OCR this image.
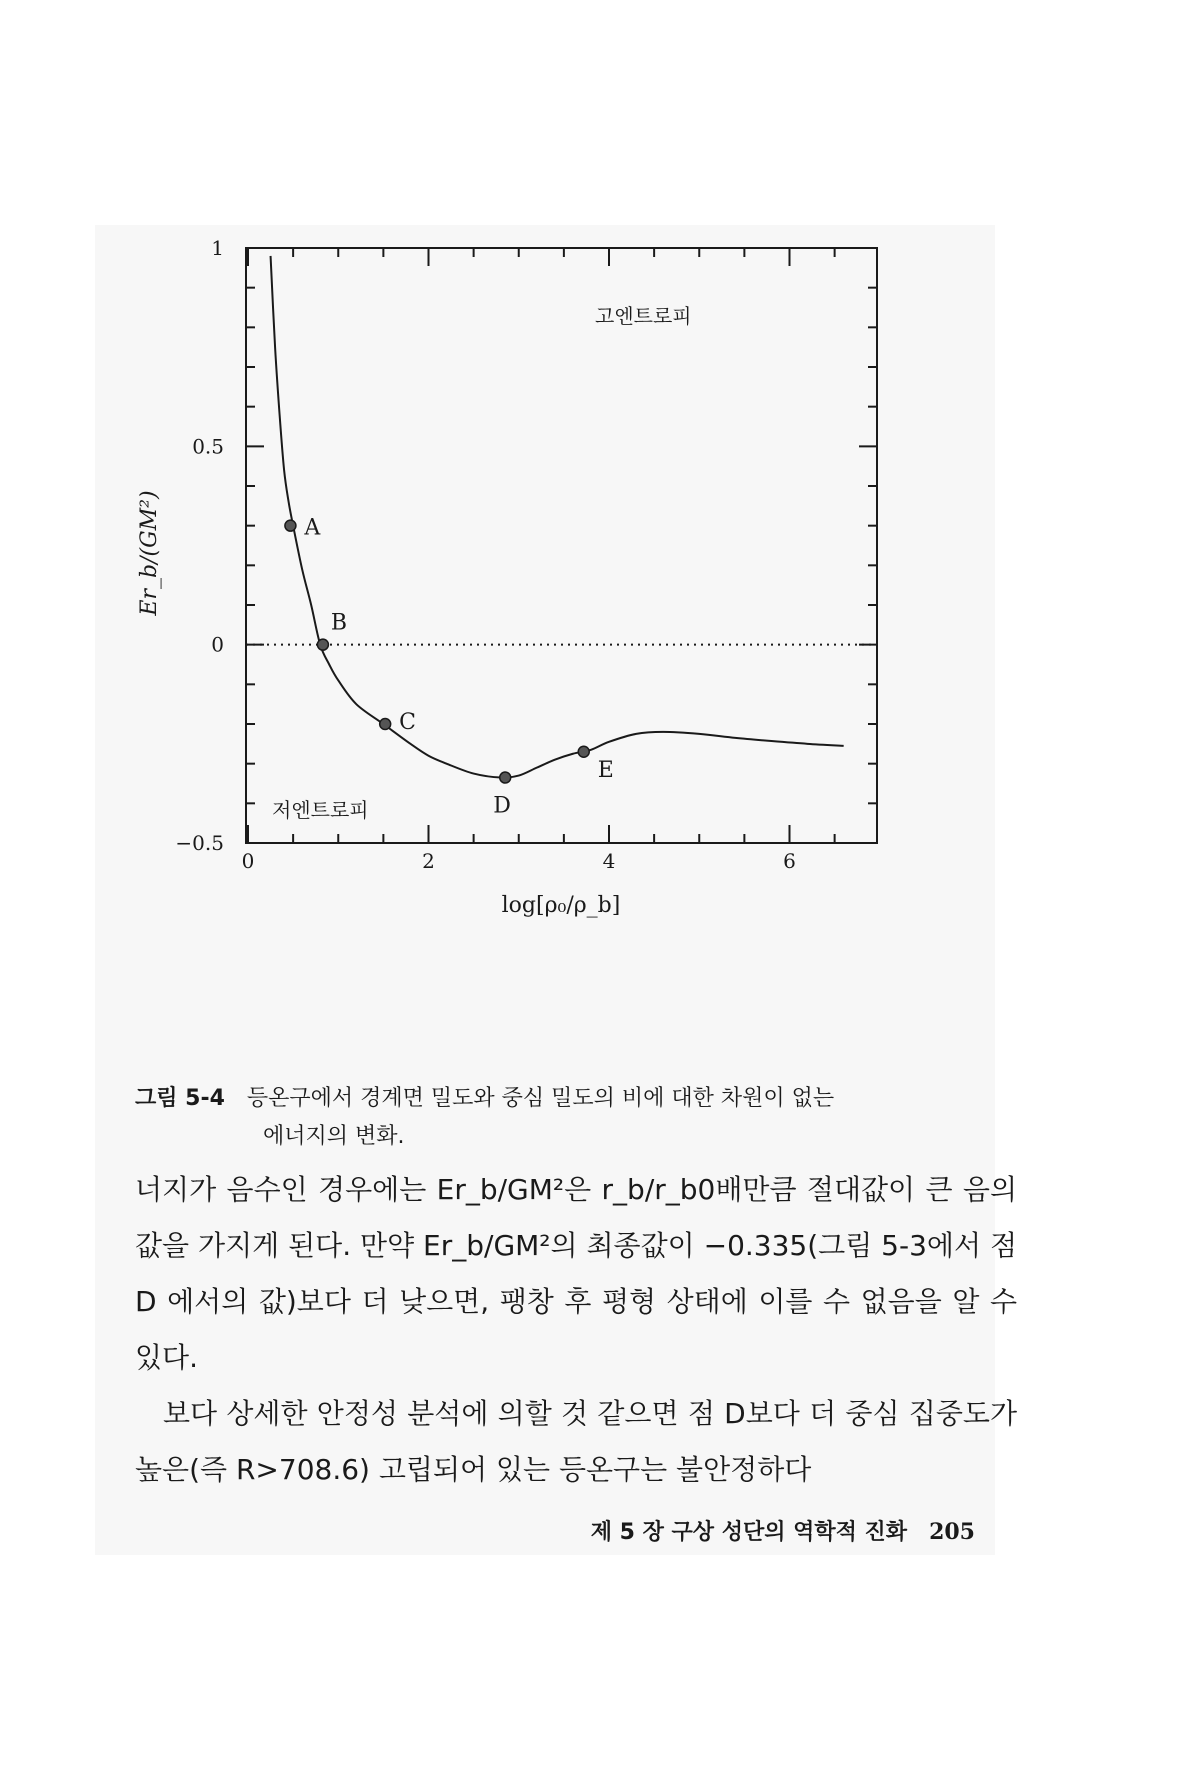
A
B
C
D
E
0	2	4	6
1
0.5
0
−0.5
고엔트로피
저엔트로피
log[ρ₀/ρ_b]
Er_b/(GM²)
그림 5-4 등온구에서 경계면 밀도와 중심 밀도의 비에 대한 차원이 없는
에너지의 변화.

너지가 음수인 경우에는 Er_b/GM²은 r_b/r_b0배만큼 절대값이 큰 음의 값을 가지게 된다. 만약 Er_b/GM²의 최종값이 −0.335(그림 5-3에서 점 D 에서의 값)보다 더 낮으면, 팽창 후 평형 상태에 이를 수 없음을 알 수 있다.

보다 상세한 안정성 분석에 의할 것 같으면 점 D보다 더 중심 집중도가 높은(즉 R>708.6) 고립되어 있는 등온구는 불안정하다

제 5 장 구상 성단의 역학적 진화 205
